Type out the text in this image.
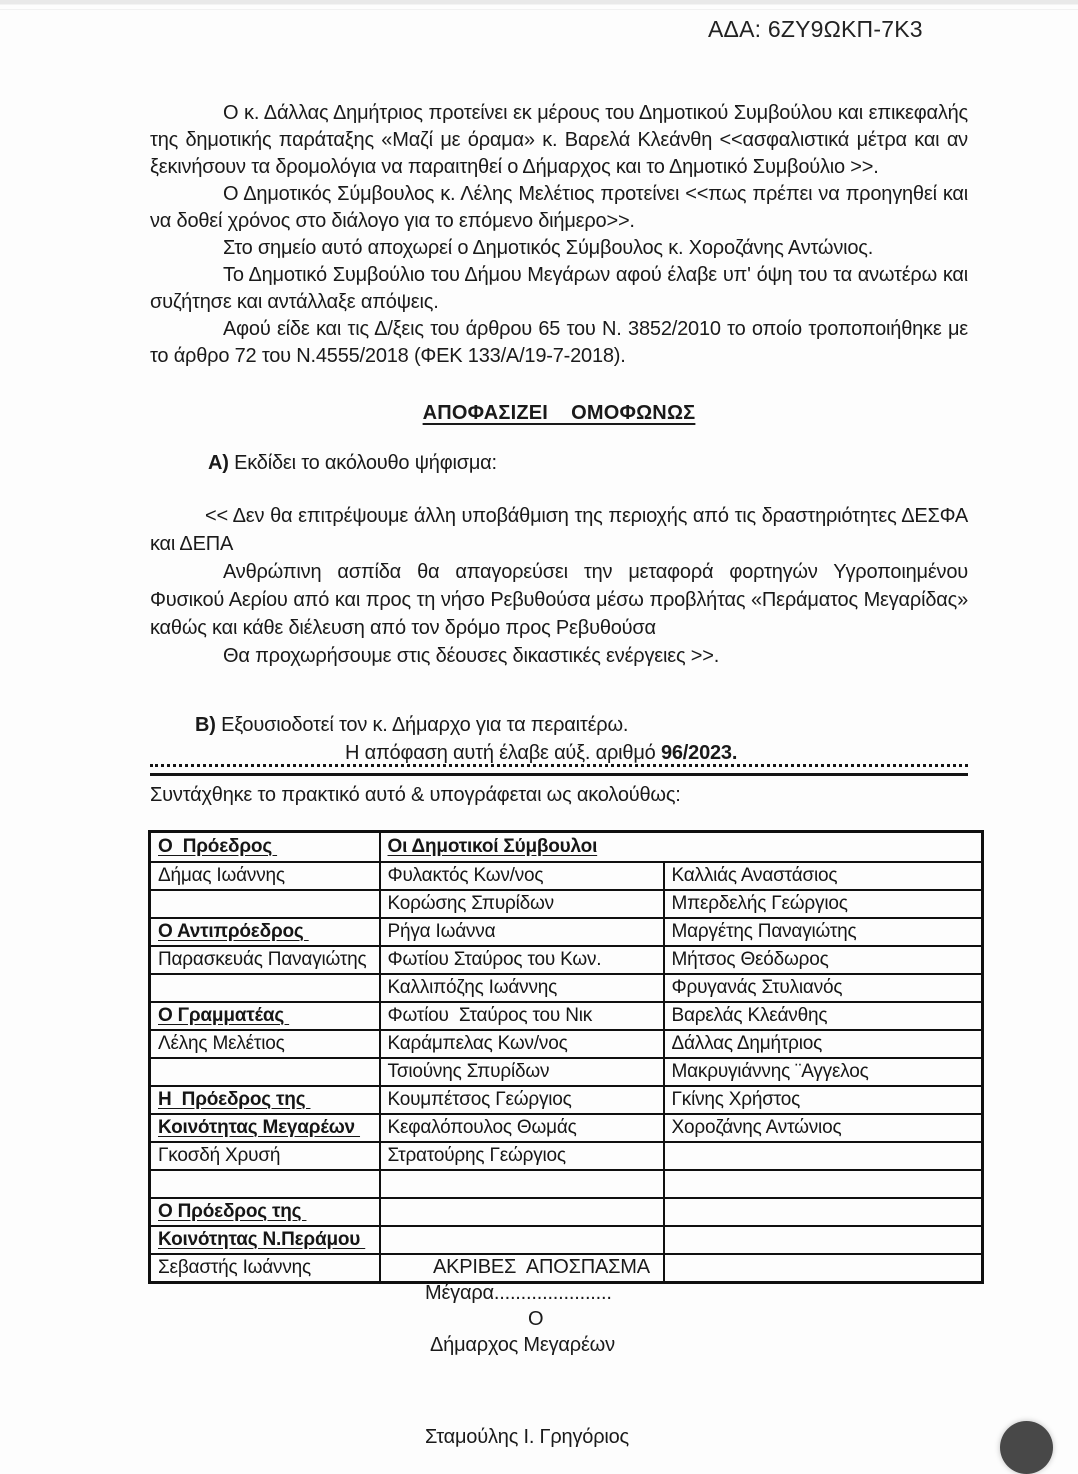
ΑΔΑ: 6ZY9ΩΚΠ-7Κ3

Ο κ. Δάλλας Δημήτριος προτείνει εκ μέρους του Δημοτικού Συμβούλου και επικεφαλής της δημοτικής παράταξης «Μαζί με όραμα» κ. Βαρελά Κλεάνθη <<ασφαλιστικά μέτρα και αν ξεκινήσουν τα δρομολόγια να παραιτηθεί ο Δήμαρχος και το Δημοτικό Συμβούλιο >>.

Ο Δημοτικός Σύμβουλος κ. Λέλης Μελέτιος προτείνει <<πως πρέπει να προηγηθεί και να δοθεί χρόνος στο διάλογο για το επόμενο διήμερο>>.

Στο σημείο αυτό αποχωρεί ο Δημοτικός Σύμβουλος κ. Χοροζάνης Αντώνιος.

Το Δημοτικό Συμβούλιο του Δήμου Μεγάρων αφού έλαβε υπ' όψη του τα ανωτέρω και συζήτησε και αντάλλαξε απόψεις.

Αφού είδε και τις Δ/ξεις του άρθρου 65 του Ν. 3852/2010 το οποίο τροποποιήθηκε με το άρθρο 72 του Ν.4555/2018 (ΦΕΚ 133/Α/19-7-2018).

ΑΠΟΦΑΣΙΖΕΙ    ΟΜΟΦΩΝΩΣ
Α) Εκδίδει το ακόλουθο ψήφισμα:

<< Δεν θα επιτρέψουμε άλλη υποβάθμιση της περιοχής από τις δραστηριότητες ΔΕΣΦΑ και ΔΕΠΑ

Ανθρώπινη ασπίδα θα απαγορεύσει την μεταφορά φορτηγών Υγροποιημένου Φυσικού Αερίου από και προς τη νήσο Ρεβυθούσα μέσω προβλήτας «Περάματος Μεγαρίδας» καθώς και κάθε διέλευση από τον δρόμο προς Ρεβυθούσα

Θα προχωρήσουμε στις δέουσες δικαστικές ενέργειες >>.

Β) Εξουσιοδοτεί τον κ. Δήμαρχο για τα περαιτέρω.
Η απόφαση αυτή έλαβε αύξ. αριθμό 96/2023.
Συντάχθηκε το πρακτικό αυτό & υπογράφεται ως ακολούθως:
Ο  Πρόεδρος	Οι Δημοτικοί Σύμβουλοι	
Δήμας Ιωάννης	Φυλακτός Κων/νος	Καλλιάς Αναστάσιος
	Κορώσης Σπυρίδων	Μπερδελής Γεώργιος
Ο Αντιπρόεδρος	Ρήγα Ιωάννα	Μαργέτης Παναγιώτης
Παρασκευάς Παναγιώτης	Φωτίου Σταύρος του Κων.	Μήτσος Θεόδωρος
	Καλλιπόζης Ιωάννης	Φρυγανάς Στυλιανός
Ο Γραμματέας	Φωτίου  Σταύρος του Νικ	Βαρελάς Κλεάνθης
Λέλης Μελέτιος	Καράμπελας Κων/νος	Δάλλας Δημήτριος
	Τσιούνης Σπυρίδων	Μακρυγιάννης ¨Αγγελος
Η  Πρόεδρος της	Κουμπέτσος Γεώργιος	Γκίνης Χρήστος
Κοινότητας Μεγαρέων	Κεφαλόπουλος Θωμάς	Χοροζάνης Αντώνιος
Γκοσδή Χρυσή	Στρατούρης Γεώργιος	

Ο Πρόεδρος της		
Κοινότητας Ν.Περάμου		
Σεβαστής Ιωάννης			ΑΚΡΙΒΕΣ  ΑΠΟΣΠΑΣΜΑ
Μέγαρα......................
Ο
Δήμαρχος Μεγαρέων
Σταμούλης Ι. Γρηγόριος
